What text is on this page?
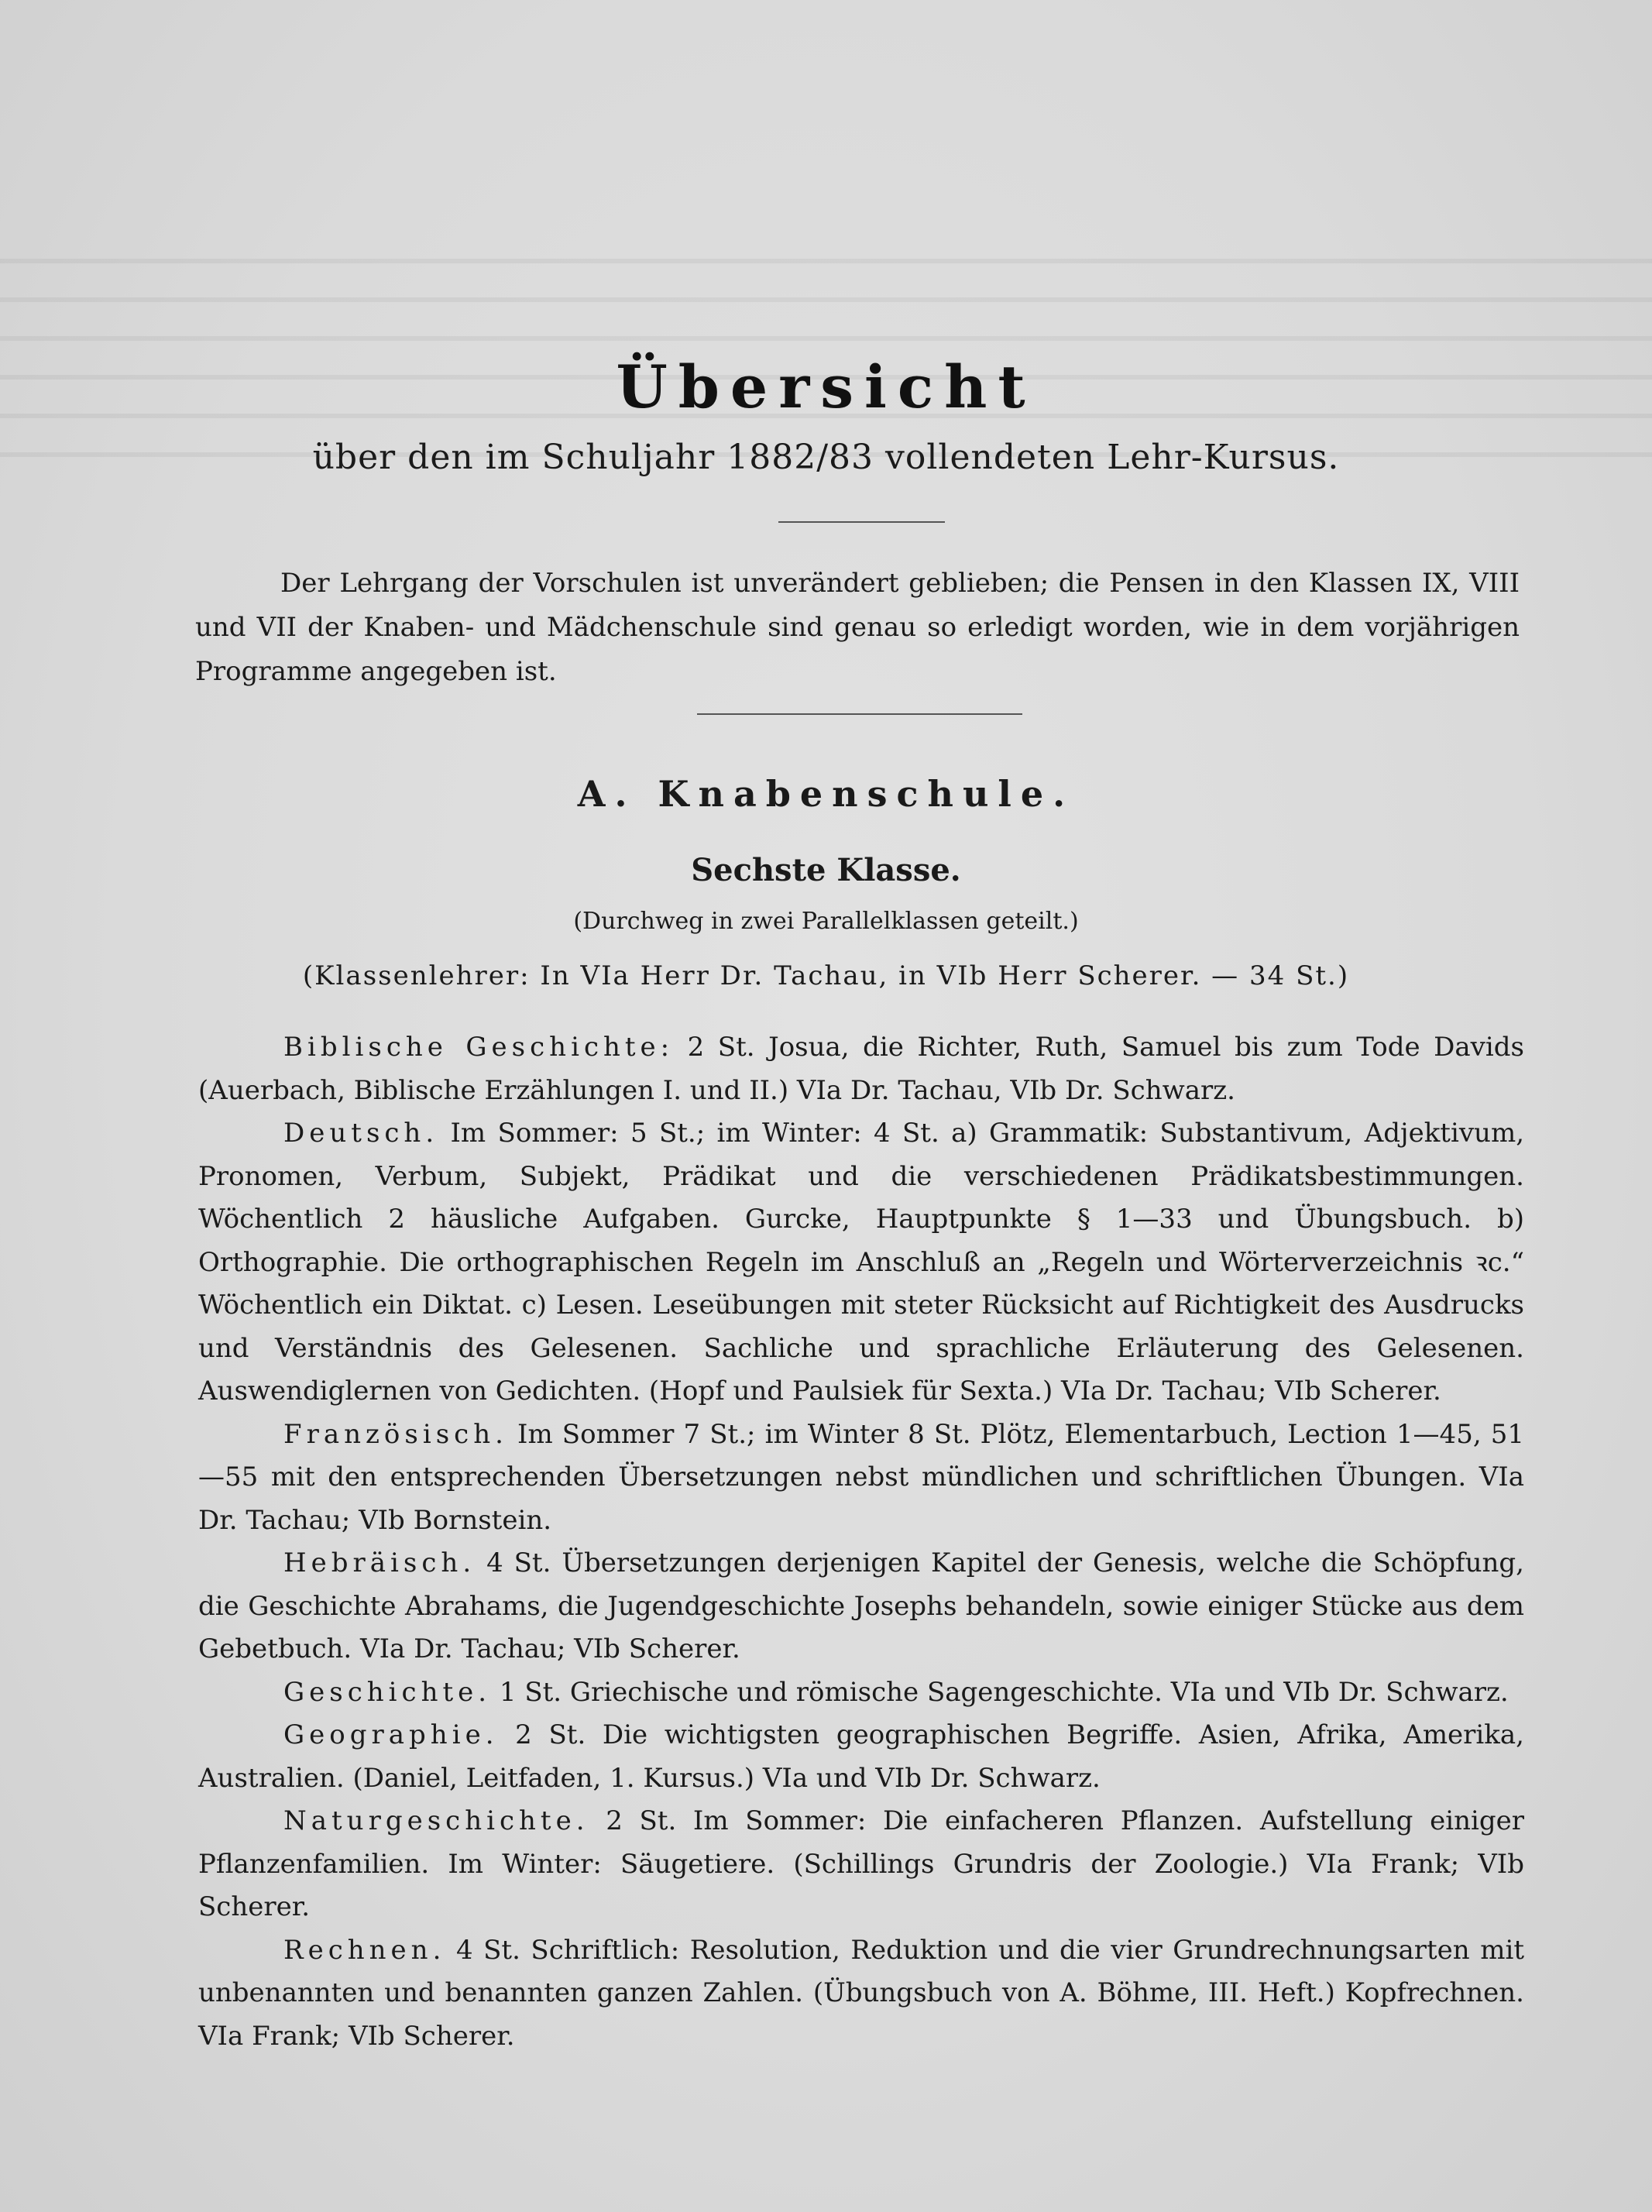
Übersicht
über den im Schuljahr 1882/83 vollendeten Lehr-Kursus.

Der Lehrgang der Vorschulen ist unverändert geblieben; die Pensen in den Klassen IX, VIII und VII der Knaben- und Mädchenschule sind genau so erledigt worden, wie in dem vorjährigen Programme angegeben ist.

A. Knabenschule.
Sechste Klasse.
(Durchweg in zwei Parallelklassen geteilt.)
(Klassenlehrer: In VIa Herr Dr. Tachau, in VIb Herr Scherer. — 34 St.)

Biblische Geschichte: 2 St. Josua, die Richter, Ruth, Samuel bis zum Tode Davids (Auerbach, Biblische Erzählungen I. und II.) VIa Dr. Tachau, VIb Dr. Schwarz.

Deutsch. Im Sommer: 5 St.; im Winter: 4 St. a) Grammatik: Substantivum, Adjektivum, Pronomen, Verbum, Subjekt, Prädikat und die verschiedenen Prädikatsbestimmungen. Wöchentlich 2 häusliche Aufgaben. Gurcke, Hauptpunkte § 1—33 und Übungsbuch. b) Orthographie. Die orthographischen Regeln im Anschluß an „Regeln und Wörterverzeichnis ꝛc.“ Wöchentlich ein Diktat. c) Lesen. Leseübungen mit steter Rücksicht auf Richtigkeit des Ausdrucks und Verständnis des Gelesenen. Sachliche und sprachliche Erläuterung des Gelesenen. Auswendiglernen von Gedichten. (Hopf und Paulsiek für Sexta.) VIa Dr. Tachau; VIb Scherer.

Französisch. Im Sommer 7 St.; im Winter 8 St. Plötz, Elementarbuch, Lection 1—45, 51—55 mit den entsprechenden Übersetzungen nebst mündlichen und schriftlichen Übungen. VIa Dr. Tachau; VIb Bornstein.

Hebräisch. 4 St. Übersetzungen derjenigen Kapitel der Genesis, welche die Schöpfung, die Geschichte Abrahams, die Jugendgeschichte Josephs behandeln, sowie einiger Stücke aus dem Gebetbuch. VIa Dr. Tachau; VIb Scherer.

Geschichte. 1 St. Griechische und römische Sagengeschichte. VIa und VIb Dr. Schwarz.

Geographie. 2 St. Die wichtigsten geographischen Begriffe. Asien, Afrika, Amerika, Australien. (Daniel, Leitfaden, 1. Kursus.) VIa und VIb Dr. Schwarz.

Naturgeschichte. 2 St. Im Sommer: Die einfacheren Pflanzen. Aufstellung einiger Pflanzenfamilien. Im Winter: Säugetiere. (Schillings Grundris der Zoologie.) VIa Frank; VIb Scherer.

Rechnen. 4 St. Schriftlich: Resolution, Reduktion und die vier Grundrechnungsarten mit unbenannten und benannten ganzen Zahlen. (Übungsbuch von A. Böhme, III. Heft.) Kopfrechnen. VIa Frank; VIb Scherer.
